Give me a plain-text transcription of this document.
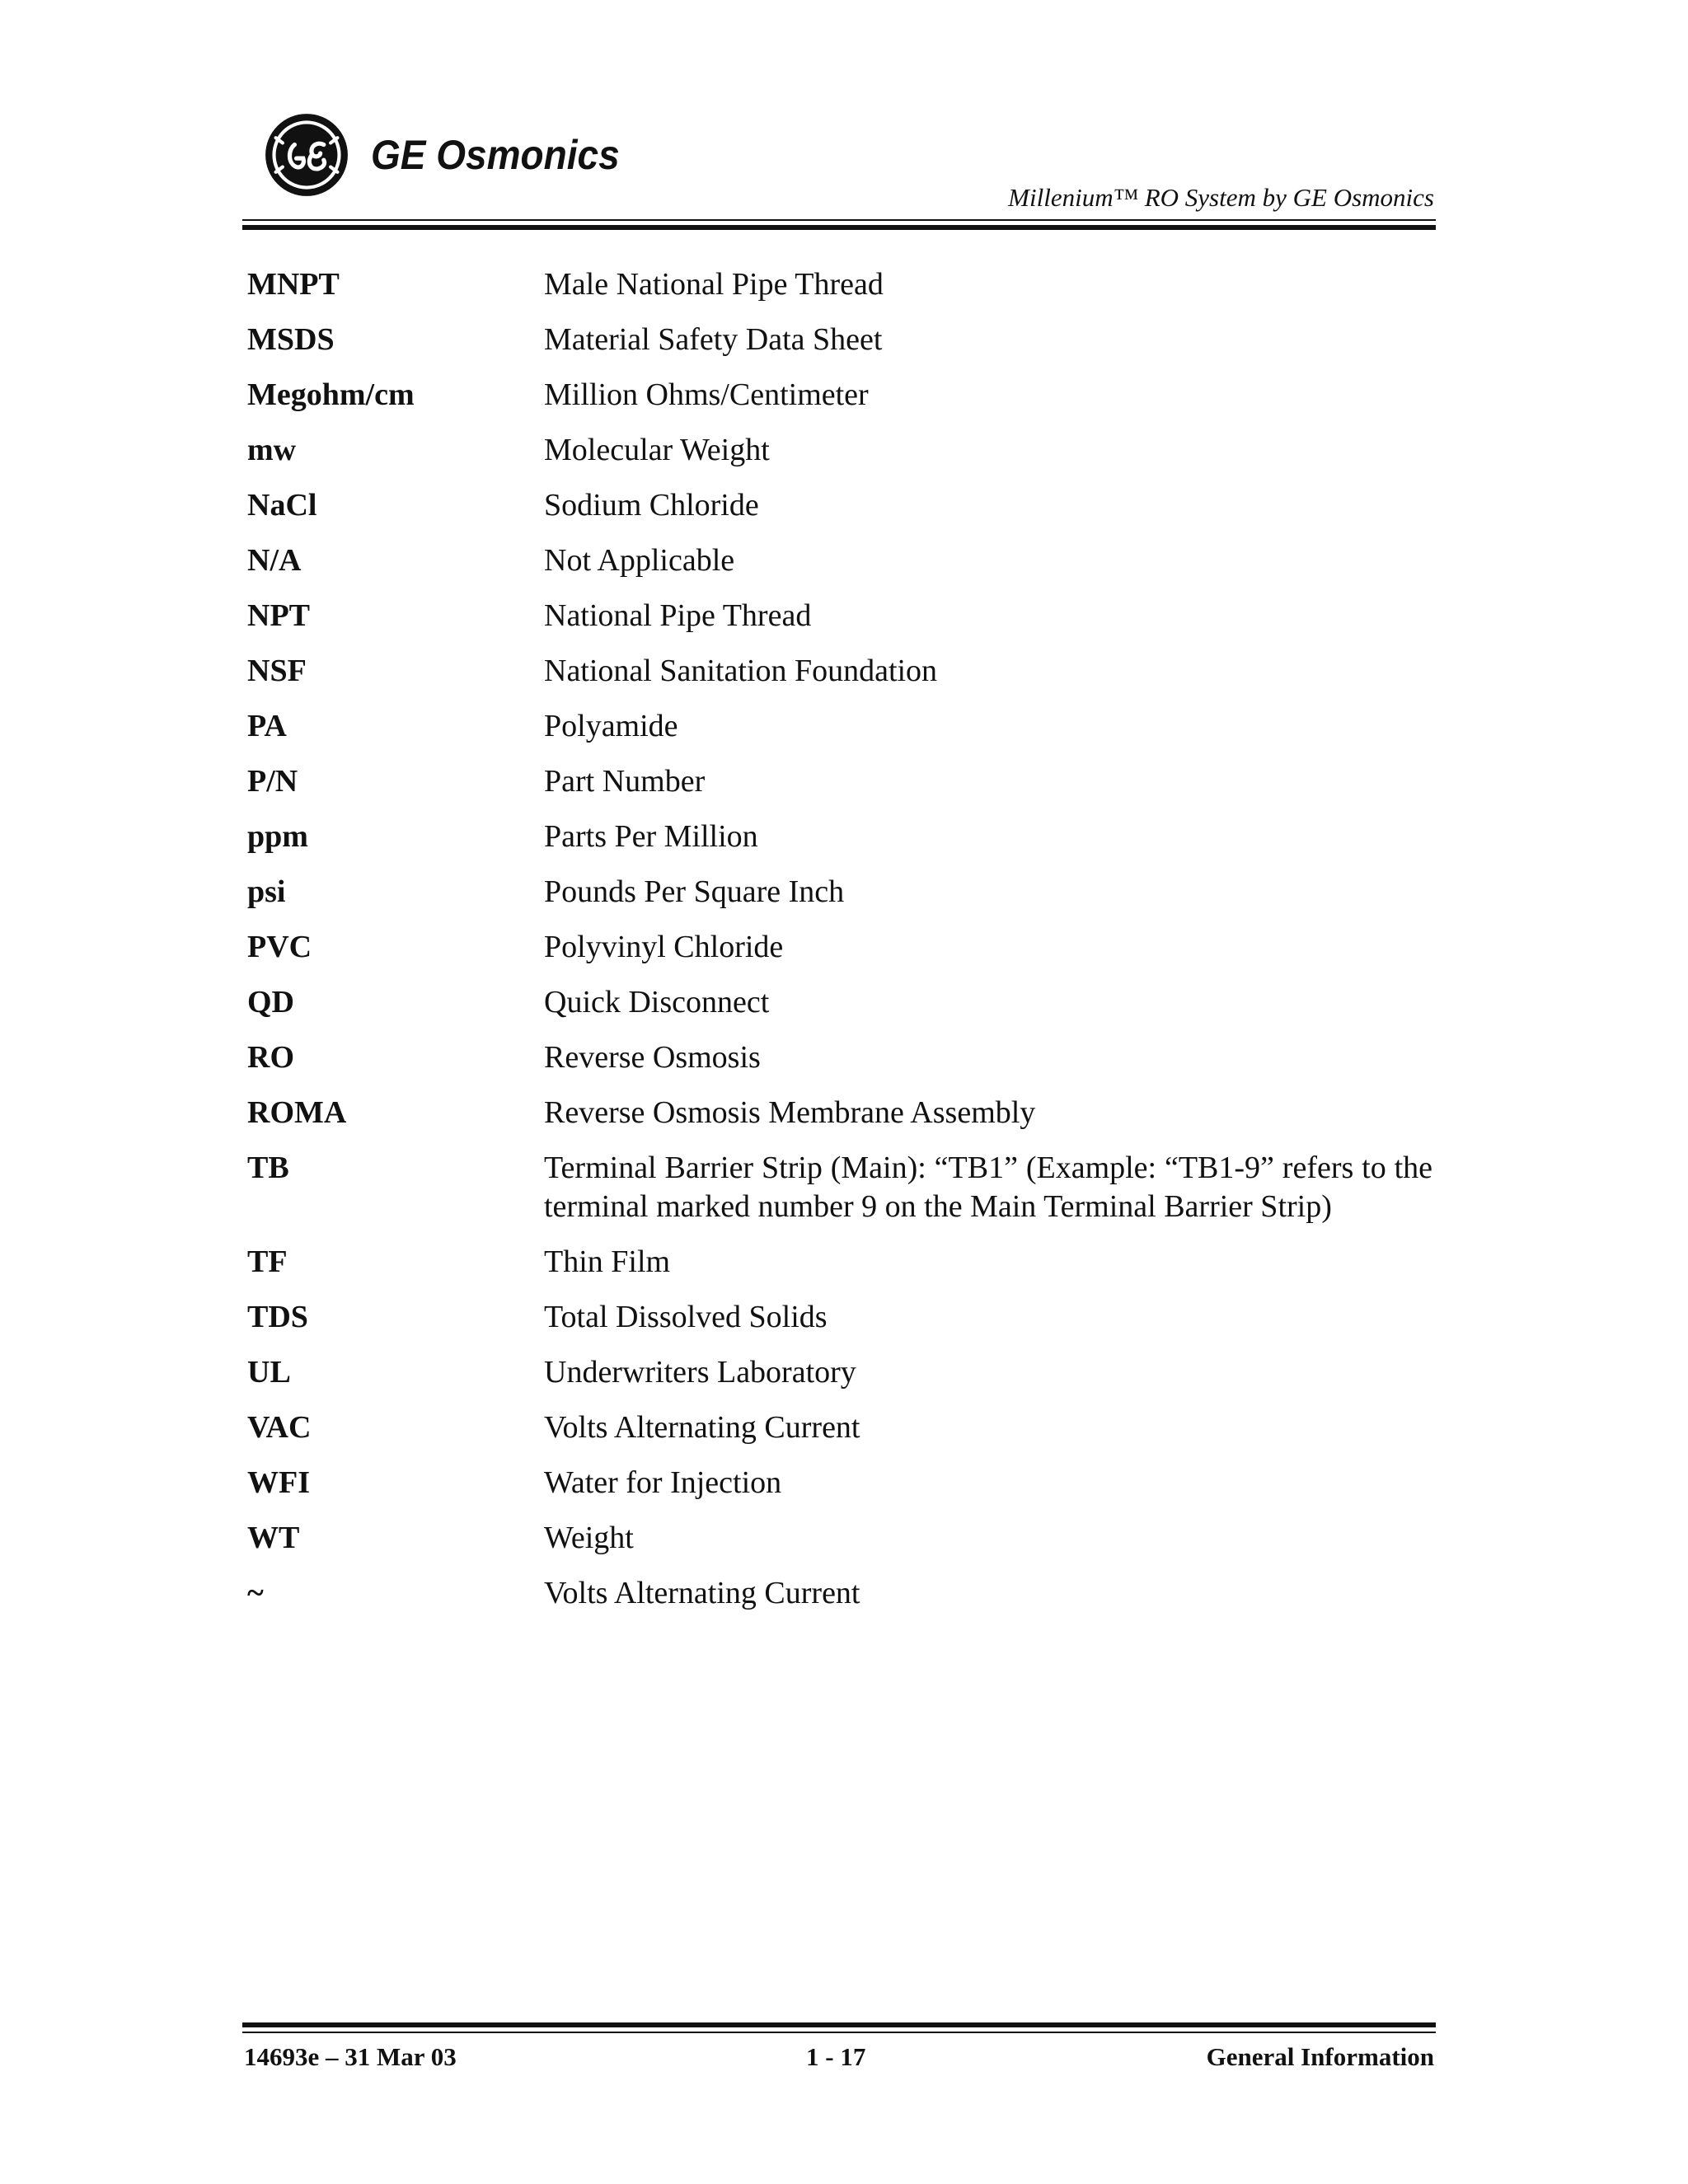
GE Osmonics
Millenium™ RO System by GE Osmonics
MNPT	Male National Pipe Thread
MSDS	Material Safety Data Sheet
Megohm/cm	Million Ohms/Centimeter
mw	Molecular Weight
NaCl	Sodium Chloride
N/A	Not Applicable
NPT	National Pipe Thread
NSF	National Sanitation Foundation
PA	Polyamide
P/N	Part Number
ppm	Parts Per Million
psi	Pounds Per Square Inch
PVC	Polyvinyl Chloride
QD	Quick Disconnect
RO	Reverse Osmosis
ROMA	Reverse Osmosis Membrane Assembly
TB	Terminal Barrier Strip (Main): “TB1” (Example: “TB1-9” refers to the terminal marked number 9 on the Main Terminal Barrier Strip)
TF	Thin Film
TDS	Total Dissolved Solids
UL	Underwriters Laboratory
VAC	Volts Alternating Current
WFI	Water for Injection
WT	Weight
~	Volts Alternating Current
14693e – 31 Mar 03	1 - 17	General Information
